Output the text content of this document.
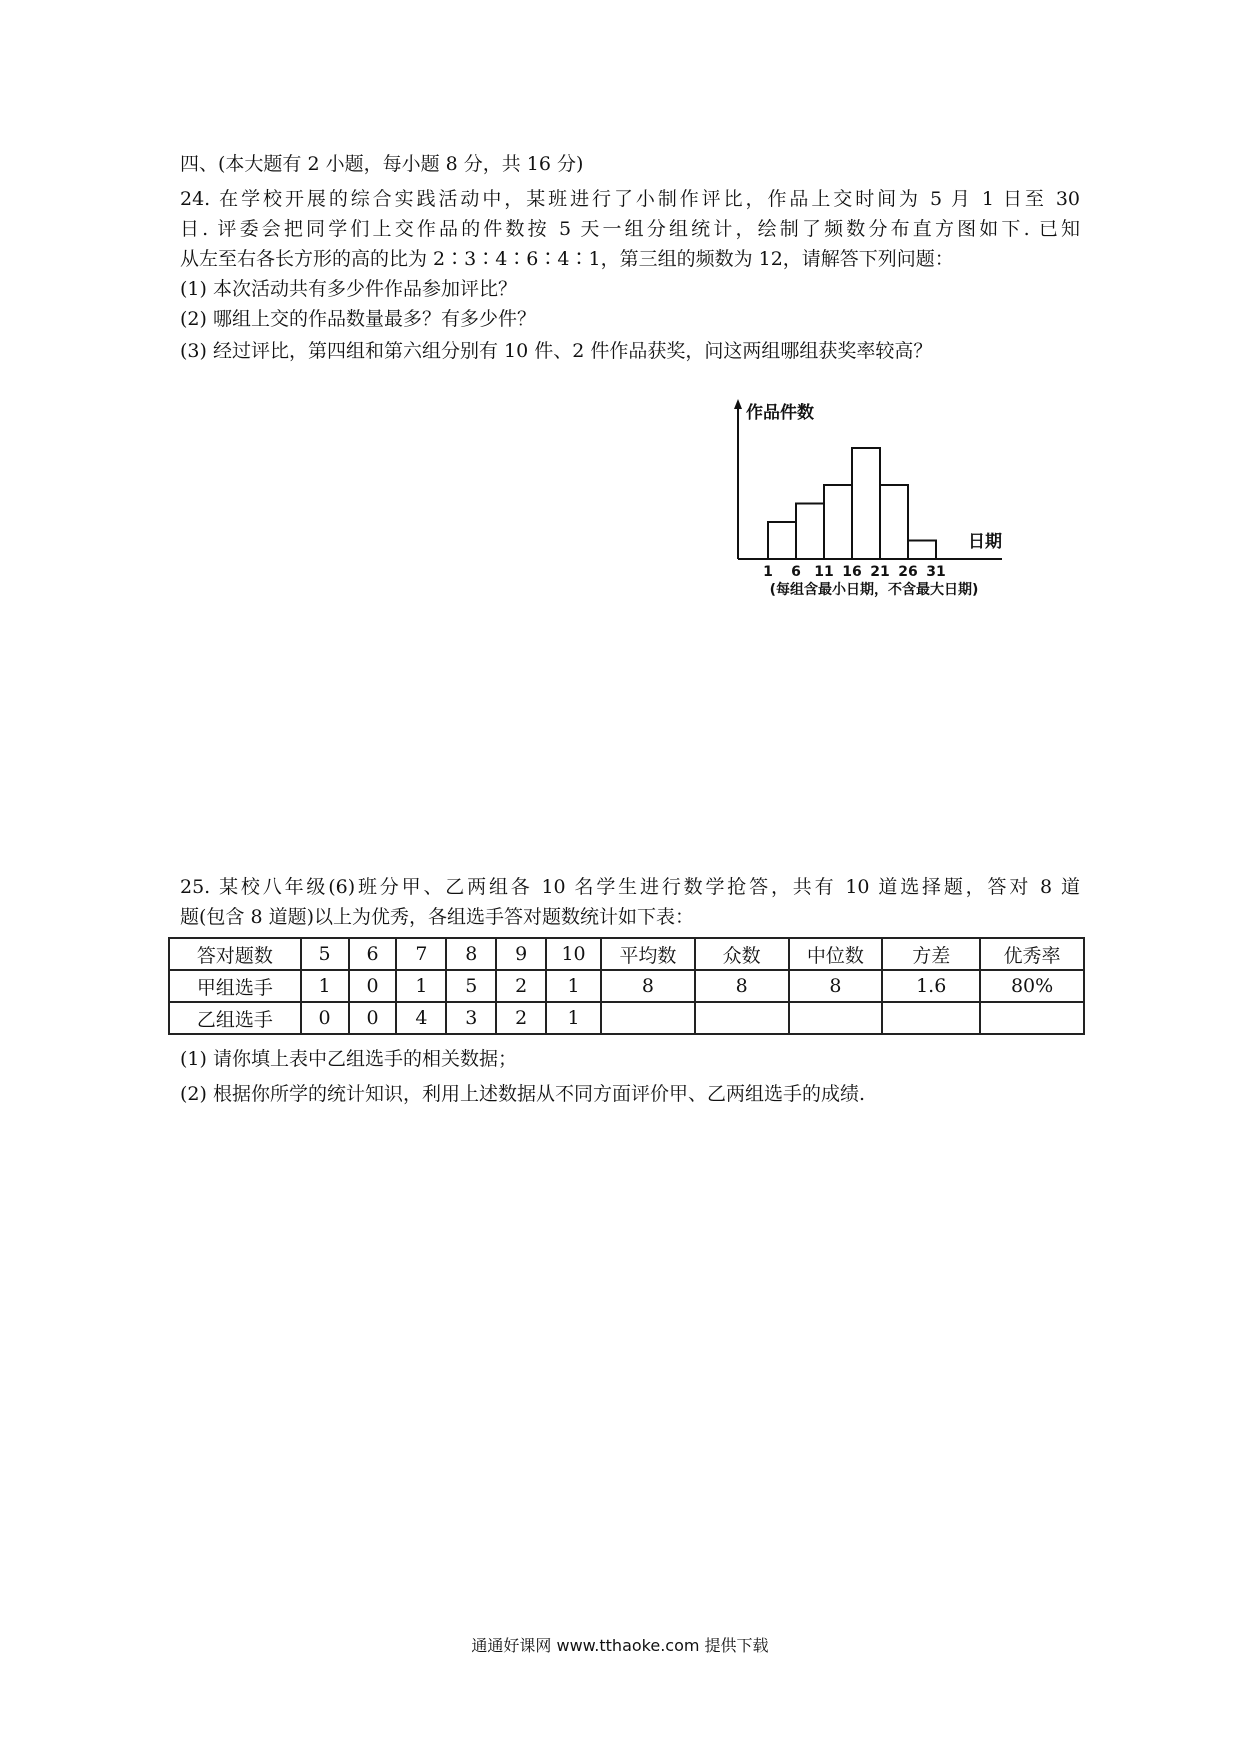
四、(本大题有 2 小题，每小题 8 分，共 16 分)
24. 在学校开展的综合实践活动中，某班进行了小制作评比，作品上交时间为 5 月 1 日至 30
日. 评委会把同学们上交作品的件数按 5 天一组分组统计，绘制了频数分布直方图如下. 已知
从左至右各长方形的高的比为 2∶3∶4∶6∶4∶1，第三组的频数为 12，请解答下列问题：
(1) 本次活动共有多少件作品参加评比？
(2) 哪组上交的作品数量最多？有多少件？
(3) 经过评比，第四组和第六组分别有 10 件、2 件作品获奖，问这两组哪组获奖率较高？
作品件数
日期
1 6 11 16 21 26 31
(每组含最小日期，不含最大日期)
25. 某校八年级(6)班分甲、乙两组各 10 名学生进行数学抢答，共有 10 道选择题，答对 8 道
题(包含 8 道题)以上为优秀，各组选手答对题数统计如下表：
答对题数	5	6	7	8	9	10	平均数	众数	中位数	方差	优秀率
甲组选手	1	0	1	5	2	1	8	8	8	1.6	80%
乙组选手	0	0	4	3	2	1					
(1) 请你填上表中乙组选手的相关数据；
(2) 根据你所学的统计知识，利用上述数据从不同方面评价甲、乙两组选手的成绩.
通通好课网 www.tthaoke.com 提供下载
